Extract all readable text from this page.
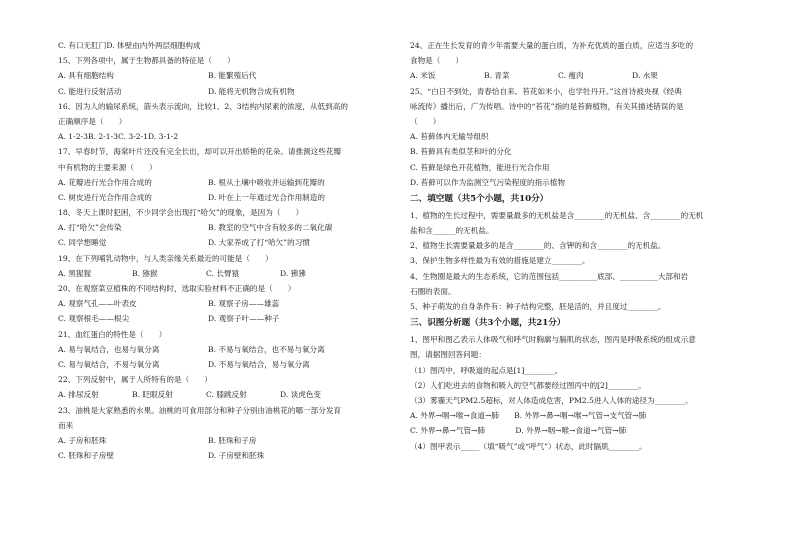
C. 有口无肛门D. 体壁由内外两层细胞构成
15、下列各项中，属于生物都具备的特征是（　　）
A. 具有细胞结构	B. 能繁殖后代
C. 能进行反射活动	D. 能将无机物合成有机物
16、因为人的输尿系统，箭头表示流向，比较1、2、3结构内尿素的浓度，从低到高的
正确顺序是（　　）
A. 1-2-3B. 2-1-3C. 3-2-1D. 3-1-2
17、早春时节，海棠叶片还没有完全长出，却可以开出娇艳的花朵。请推测这些花瓣
中有机物的主要来源（　　）
A. 花瓣进行光合作用合成的	B. 根从土壤中吸收并运输到花瓣的
C. 树皮进行光合作用合成的	D. 叶在上一年通过光合作用制造的
18、冬天上课时犯困，不少同学会出现打“哈欠”的现象，是因为（　　）
A. 打“哈欠”会传染	B. 教室的空气中含有较多的二氧化碳
C. 同学想睡觉	D. 大家养成了打“哈欠”的习惯
19、在下列哺乳动物中，与人类亲缘关系最近的可能是（　　）
A. 黑猩猩	B. 猕猴	C. 长臂猿	D. 狒狒
20、在观察菜豆植株的不同结构时，选取实验材料不正确的是（　　）
A. 观察气孔——叶表皮	B. 观察子房——雄蕊
C. 观察根毛——根尖	D. 观察子叶——种子
21、血红蛋白的特性是（　　）
A. 易与氧结合，也易与氧分离	B. 不易与氧结合，也不易与氧分离
C. 易与氧结合，不易与氧分离	D. 不易与氧结合，易与氧分离
22、下列反射中，属于人所特有的是（　　）
A. 排尿反射	B. 眨眼反射	C. 膝跳反射	D. 谈虎色变
23、油桃是大家熟悉的水果。油桃的可食用部分和种子分别由油桃花的哪一部分发育
而来
A. 子房和胚珠	B. 胚珠和子房
C. 胚珠和子房壁	D. 子房壁和胚珠
24、正在生长发育的青少年需要大量的蛋白质，为补充优质的蛋白质，应适当多吃的
食物是（　　）
A. 米饭	B. 青菜	C. 瘦肉	D. 水果
25、“白日不到处，青春恰自来。苔花如米小，也学牡丹开。”这首诗被央视《经典
咏流传》播出后，广为传唱。诗中的“苔花”指的是苔藓植物，有关其描述错误的是
（　　）
A. 苔藓体内无输导组织
B. 苔藓具有类似茎和叶的分化
C. 苔藓是绿色开花植物，能进行光合作用
D. 苔藓可以作为监测空气污染程度的指示植物
二、填空题（共5个小题，共10分）
1、植物的生长过程中，需要量最多的无机盐是含________的无机盐、含________的无机
盐和含______的无机盐。
2、植物生长需要量最多的是含________的、含钾的和含________的无机盐。
3、保护生物多样性最为有效的措施是建立________。
4、生物圈是最大的生态系统，它的范围包括__________底部、__________大部和岩
石圈的表面。
5、种子萌发的自身条件有：种子结构完整，胚是活的，并且度过________。
三、识图分析题（共3个小题，共21分）
1、图甲和图乙表示人体吸气和呼气时胸廓与膈肌的状态，图丙是呼吸系统的组成示意
图，请据图回答问题：
（1）图丙中，呼吸道的起点是[1]________。
（2）人们吃进去的食物和吸入的空气都要经过图丙中的[2]________。
（3）雾霾天气PM2.5超标，对人体造成危害，PM2.5进入人体的途径为________。
A. 外界→咽→喉→食道→肺　　B. 外界→鼻→咽→喉→气管→支气管→肺
C. 外界→鼻→气管→肺　　　　D. 外界→咽→喉→食道→气管→肺
（4）图甲表示_____（填“吸气”或“呼气”）状态，此时膈肌________。
